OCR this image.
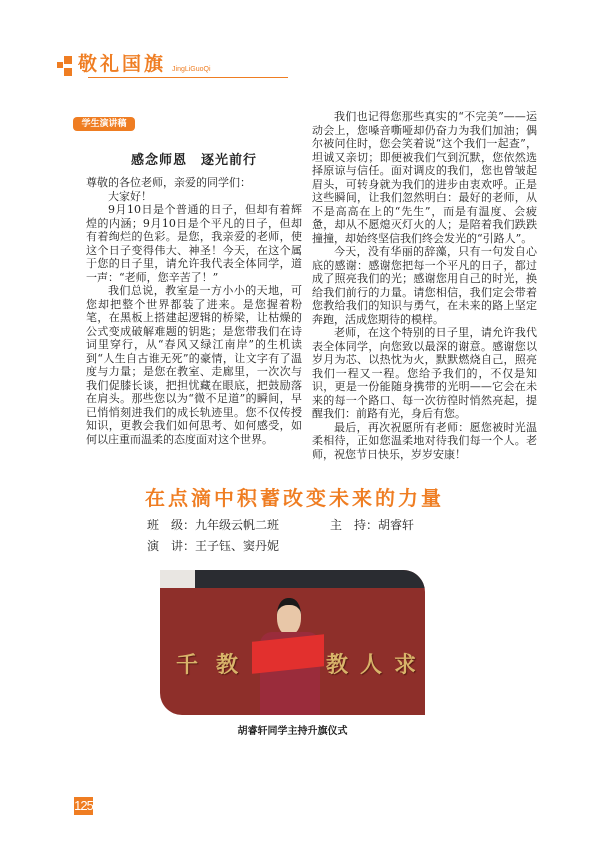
敬礼国旗 JingLiGuoQi
学生演讲稿
感念师恩　逐光前行

尊敬的各位老师，亲爱的同学们：

大家好！

9月10日是个普通的日子，但却有着辉煌的内涵；9月10日是个平凡的日子，但却有着绚烂的色彩。是您，我亲爱的老师，使这个日子变得伟大、神圣！今天，在这个属于您的日子里，请允许我代表全体同学，道一声：“老师，您辛苦了！”

我们总说，教室是一方小小的天地，可您却把整个世界都装了进来。是您握着粉笔，在黑板上搭建起逻辑的桥梁，让枯燥的公式变成破解难题的钥匙；是您带我们在诗词里穿行，从“春风又绿江南岸”的生机读到“人生自古谁无死”的豪情，让文字有了温度与力量；是您在教室、走廊里，一次次与我们促膝长谈，把担忧藏在眼底，把鼓励落在肩头。那些您以为“微不足道”的瞬间，早已悄悄刻进我们的成长轨迹里。您不仅传授知识，更教会我们如何思考、如何感受，如何以庄重而温柔的态度面对这个世界。

我们也记得您那些真实的“不完美”——运动会上，您嗓音嘶哑却仍奋力为我们加油；偶尔被问住时，您会笑着说“这个我们一起查”，坦诚又亲切；即便被我们气到沉默，您依然选择原谅与信任。面对调皮的我们，您也曾皱起眉头，可转身就为我们的进步由衷欢呼。正是这些瞬间，让我们忽然明白：最好的老师，从不是高高在上的“先生”，而是有温度、会疲惫，却从不愿熄灭灯火的人；是陪着我们跌跌撞撞，却始终坚信我们终会发光的“引路人”。

今天，没有华丽的辞藻，只有一句发自心底的感谢：感谢您把每一个平凡的日子，都过成了照亮我们的光；感谢您用自己的时光，换给我们前行的力量。请您相信，我们定会带着您教给我们的知识与勇气，在未来的路上坚定奔跑，活成您期待的模样。

老师，在这个特别的日子里，请允许我代表全体同学，向您致以最深的谢意。感谢您以岁月为芯、以热忱为火，默默燃烧自己，照亮我们一程又一程。您给予我们的，不仅是知识，更是一份能随身携带的光明——它会在未来的每一个路口、每一次彷徨时悄然亮起，提醒我们：前路有光，身后有您。

最后，再次祝愿所有老师：愿您被时光温柔相待，正如您温柔地对待我们每一个人。老师，祝您节日快乐，岁岁安康！

在点滴中积蓄改变未来的力量
班　级：九年级云帆二班	主　持：胡睿轩
演　讲：王子钰、窦丹妮
千 教	教 人 求
胡睿轩同学主持升旗仪式
125
